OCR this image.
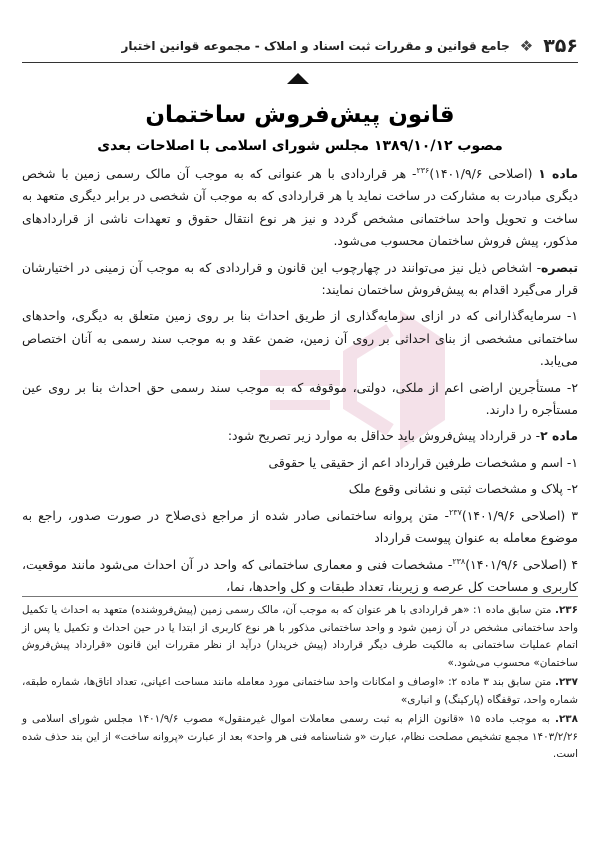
۳۵۶
❖
جامع قوانین و مقررات ثبت اسناد و املاک - مجموعه قوانین اختبار
قانون پیش‌فروش ساختمان
مصوب ۱۳۸۹/۱۰/۱۲ مجلس شورای اسلامی با اصلاحات بعدی

ماده ۱ (اصلاحی ۱۴۰۱/۹/۶)$^{۲۳۶}$- هر قراردادی با هر عنوانی که به موجب آن مالک رسمی زمین با شخص دیگری مبادرت به مشارکت در ساخت نماید یا هر قراردادی که به موجب آن شخصی در برابر دیگری متعهد به ساخت و تحویل واحد ساختمانی مشخص گردد و نیز هر نوع انتقال حقوق و تعهدات ناشی از قراردادهای مذکور، پیش فروش ساختمان محسوب می‌شود.

تبصره- اشخاص ذیل نیز می‌توانند در چهارچوب این قانون و قراردادی که به موجب آن زمینی در اختیارشان قرار می‌گیرد اقدام به پیش‌فروش ساختمان نمایند:

۱- سرمایه‌گذارانی که در ازای سرمایه‌گذاری از طریق احداث بنا بر روی زمین متعلق به دیگری، واحدهای ساختمانی مشخصی از بنای احداثی بر روی آن زمین، ضمن عقد و به موجب سند رسمی به آنان اختصاص می‌یابد.

۲- مستأجرین اراضی اعم از ملکی، دولتی، موقوفه که به موجب سند رسمی حق احداث بنا بر روی عین مستأجره را دارند.

ماده ۲- در قرارداد پیش‌فروش باید حداقل به موارد زیر تصریح شود:

۱- اسم و مشخصات طرفین قرارداد اعم از حقیقی یا حقوقی

۲- پلاک و مشخصات ثبتی و نشانی وقوع ملک

۳ (اصلاحی ۱۴۰۱/۹/۶)$^{۲۳۷}$- متن پروانه ساختمانی صادر شده از مراجع ذی‌صلاح در صورت صدور، راجع به موضوع معامله به عنوان پیوست قرارداد

۴ (اصلاحی ۱۴۰۱/۹/۶)$^{۲۳۸}$- مشخصات فنی و معماری ساختمانی که واحد در آن احداث می‌شود مانند موقعیت، کاربری و مساحت کل عرصه و زیربنا، تعداد طبقات و کل واحدها، نما،

۲۳۶. متن سابق ماده ۱: «هر قراردادی با هر عنوان که به موجب آن، مالک رسمی زمین (پیش‌فروشنده) متعهد به احداث یا تکمیل واحد ساختمانی مشخص در آن زمین شود و واحد ساختمانی مذکور با هر نوع کاربری از ابتدا یا در حین احداث و تکمیل یا پس از اتمام عملیات ساختمانی به مالکیت طرف دیگر قرارداد (پیش خریدار) درآید از نظر مقررات این قانون «قرارداد پیش‌فروش ساختمان» محسوب می‌شود.»

۲۳۷. متن سابق بند ۳ ماده ۲: «اوصاف و امکانات واحد ساختمانی مورد معامله مانند مساحت اعیانی، تعداد اتاق‌ها، شماره طبقه، شماره واحد، توقفگاه (پارکینگ) و انباری»

۲۳۸. به موجب ماده ۱۵ «قانون الزام به ثبت رسمی معاملات اموال غیرمنقول» مصوب ۱۴۰۱/۹/۶ مجلس شورای اسلامی و ۱۴۰۳/۲/۲۶ مجمع تشخیص مصلحت نظام، عبارت «و شناسنامه فنی هر واحد» بعد از عبارت «پروانه ساخت» از این بند حذف شده است.
